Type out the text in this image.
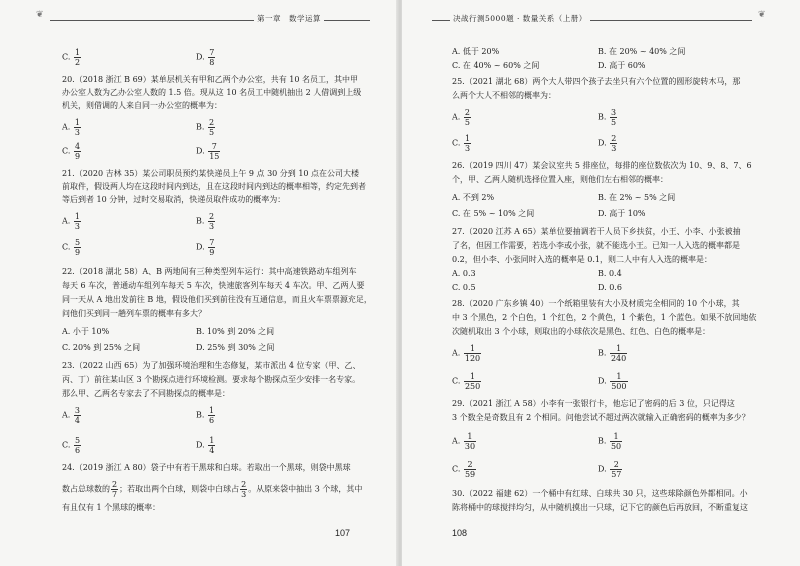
❦	第一章　数学运算
C. $\frac{1}{2}$	D. $\frac{7}{8}$
20.（2018 浙江 B 69）某单层机关有甲和乙两个办公室，共有 10 名员工，其中甲
办公室人数为乙办公室人数的 1.5 倍。现从这 10 名员工中随机抽出 2 人借调到上级
机关，则借调的人来自同一办公室的概率为：
A. $\frac{1}{3}$	B. $\frac{2}{5}$
C. $\frac{4}{9}$	D. $\frac{7}{15}$
21.（2020 吉林 35）某公司职员预约某快递员上午 9 点 30 分到 10 点在公司大楼
前取件，假设两人均在这段时间内到达，且在这段时间内到达的概率相等，约定先到者
等后到者 10 分钟，过时交易取消，快递员取件成功的概率为：
A. $\frac{1}{3}$	B. $\frac{2}{3}$
C. $\frac{5}{9}$	D. $\frac{7}{9}$
22.（2018 湖北 58）A、B 两地间有三种类型列车运行：其中高速铁路动车组列车
每天 6 车次，普通动车组列车每天 5 车次，快速旅客列车每天 4 车次。甲、乙两人要
同一天从 A 地出发前往 B 地，假设他们买到前往没有互通信息，而且火车票票源充足，
问他们买到同一趟列车票的概率有多大？
A. 小于 10%	B. 10% 到 20% 之间
C. 20% 到 25% 之间	D. 25% 到 30% 之间
23.（2022 山西 65）为了加强环境治理和生态修复，某市派出 4 位专家（甲、乙、
丙、丁）前往某山区 3 个勘探点进行环境检测。要求每个勘探点至少安排一名专家。
那么甲、乙两名专家去了不同勘探点的概率是：
A. $\frac{3}{4}$	B. $\frac{1}{6}$
C. $\frac{5}{6}$	D. $\frac{1}{4}$
24.（2019 浙江 A 80）袋子中有若干黑球和白球。若取出一个黑球，则袋中黑球
数占总球数的 $\frac{2}{7}$ ；若取出两个白球，则袋中白球占 $\frac{2}{3}$ 。从原来袋中抽出 3 个球，其中
有且仅有 1 个黑球的概率：
107
决战行测5000题 · 数量关系（上册）	❦
A. 低于 20%	B. 在 20% ~ 40% 之间
C. 在 40% ~ 60% 之间	D. 高于 60%
25.（2021 湖北 68）两个大人带四个孩子去坐只有六个位置的圆形旋转木马，那
么两个大人不相邻的概率为：
A. $\frac{2}{5}$	B. $\frac{3}{5}$
C. $\frac{1}{3}$	D. $\frac{2}{3}$
26.（2019 四川 47）某会议室共 5 排座位，每排的座位数依次为 10、9、8、7、6
个，甲、乙两人随机选择位置入座，则他们左右相邻的概率：
A. 不到 2%	B. 在 2% ~ 5% 之间
C. 在 5% ~ 10% 之间	D. 高于 10%
27.（2020 江苏 A 65）某单位要抽调若干人员下乡扶贫，小王、小李、小张被抽
了名，但因工作需要，若选小李或小张，就不能选小王。已知一人入选的概率都是
0.2，但小李、小张同时入选的概率是 0.1，则二人中有人入选的概率是：
A. 0.3	B. 0.4
C. 0.5	D. 0.6
28.（2020 广东乡镇 40）一个纸箱里装有大小及材质完全相同的 10 个小球，其
中 3 个黑色，2 个白色，1 个红色，2 个黄色，1 个紫色，1 个蓝色。如果不放回地依
次随机取出 3 个小球，则取出的小球依次是黑色、红色、白色的概率是：
A. $\frac{1}{120}$	B. $\frac{1}{240}$
C. $\frac{1}{250}$	D. $\frac{1}{500}$
29.（2021 浙江 A 58）小李有一张银行卡，他忘记了密码的后 3 位，只记得这
3 个数全是奇数且有 2 个相同。问他尝试不超过两次就输入正确密码的概率为多少？
A. $\frac{1}{30}$	B. $\frac{1}{50}$
C. $\frac{2}{59}$	D. $\frac{2}{57}$
30.（2022 福建 62）一个桶中有红球、白球共 30 只，这些球除颜色外都相同。小
陈将桶中的球搅拌均匀，从中随机摸出一只球，记下它的颜色后再放回，不断重复这
108
